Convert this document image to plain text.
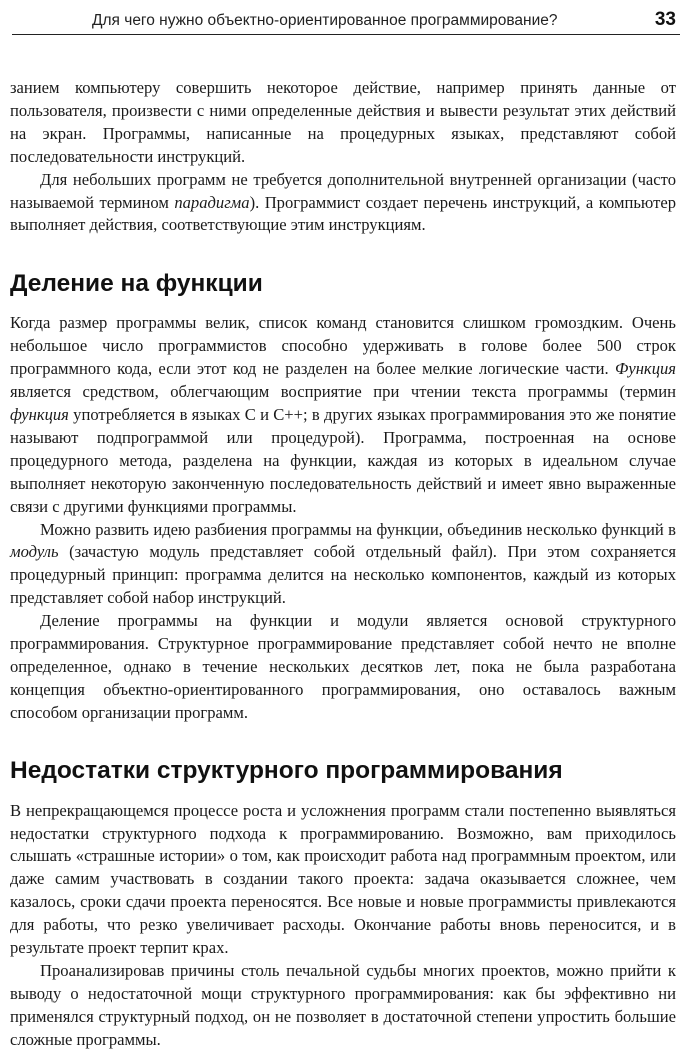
Для чего нужно объектно-ориентированное программирование?	33

занием компьютеру совершить некоторое действие, например принять данные от пользователя, произвести с ними определенные действия и вывести результат этих действий на экран. Программы, написанные на процедурных языках, представляют собой последовательности инструкций.

Для небольших программ не требуется дополнительной внутренней организации (часто называемой термином парадигма). Программист создает перечень инструкций, а компьютер выполняет действия, соответствующие этим инструкциям.

Деление на функции

Когда размер программы велик, список команд становится слишком громоздким. Очень небольшое число программистов способно удерживать в голове более 500 строк программного кода, если этот код не разделен на более мелкие логические части. Функция является средством, облегчающим восприятие при чтении текста программы (термин функция употребляется в языках C и C++; в других языках программирования это же понятие называют подпрограммой или процедурой). Программа, построенная на основе процедурного метода, разделена на функции, каждая из которых в идеальном случае выполняет некоторую законченную последовательность действий и имеет явно выраженные связи с другими функциями программы.

Можно развить идею разбиения программы на функции, объединив несколько функций в модуль (зачастую модуль представляет собой отдельный файл). При этом сохраняется процедурный принцип: программа делится на несколько компонентов, каждый из которых представляет собой набор инструкций.

Деление программы на функции и модули является основой структурного программирования. Структурное программирование представляет собой нечто не вполне определенное, однако в течение нескольких десятков лет, пока не была разработана концепция объектно-ориентированного программирования, оно оставалось важным способом организации программ.

Недостатки структурного программирования

В непрекращающемся процессе роста и усложнения программ стали постепенно выявляться недостатки структурного подхода к программированию. Возможно, вам приходилось слышать «страшные истории» о том, как происходит работа над программным проектом, или даже самим участвовать в создании такого проекта: задача оказывается сложнее, чем казалось, сроки сдачи проекта переносятся. Все новые и новые программисты привлекаются для работы, что резко увеличивает расходы. Окончание работы вновь переносится, и в результате проект терпит крах.

Проанализировав причины столь печальной судьбы многих проектов, можно прийти к выводу о недостаточной мощи структурного программирования: как бы эффективно ни применялся структурный подход, он не позволяет в достаточной степени упростить большие сложные программы.
